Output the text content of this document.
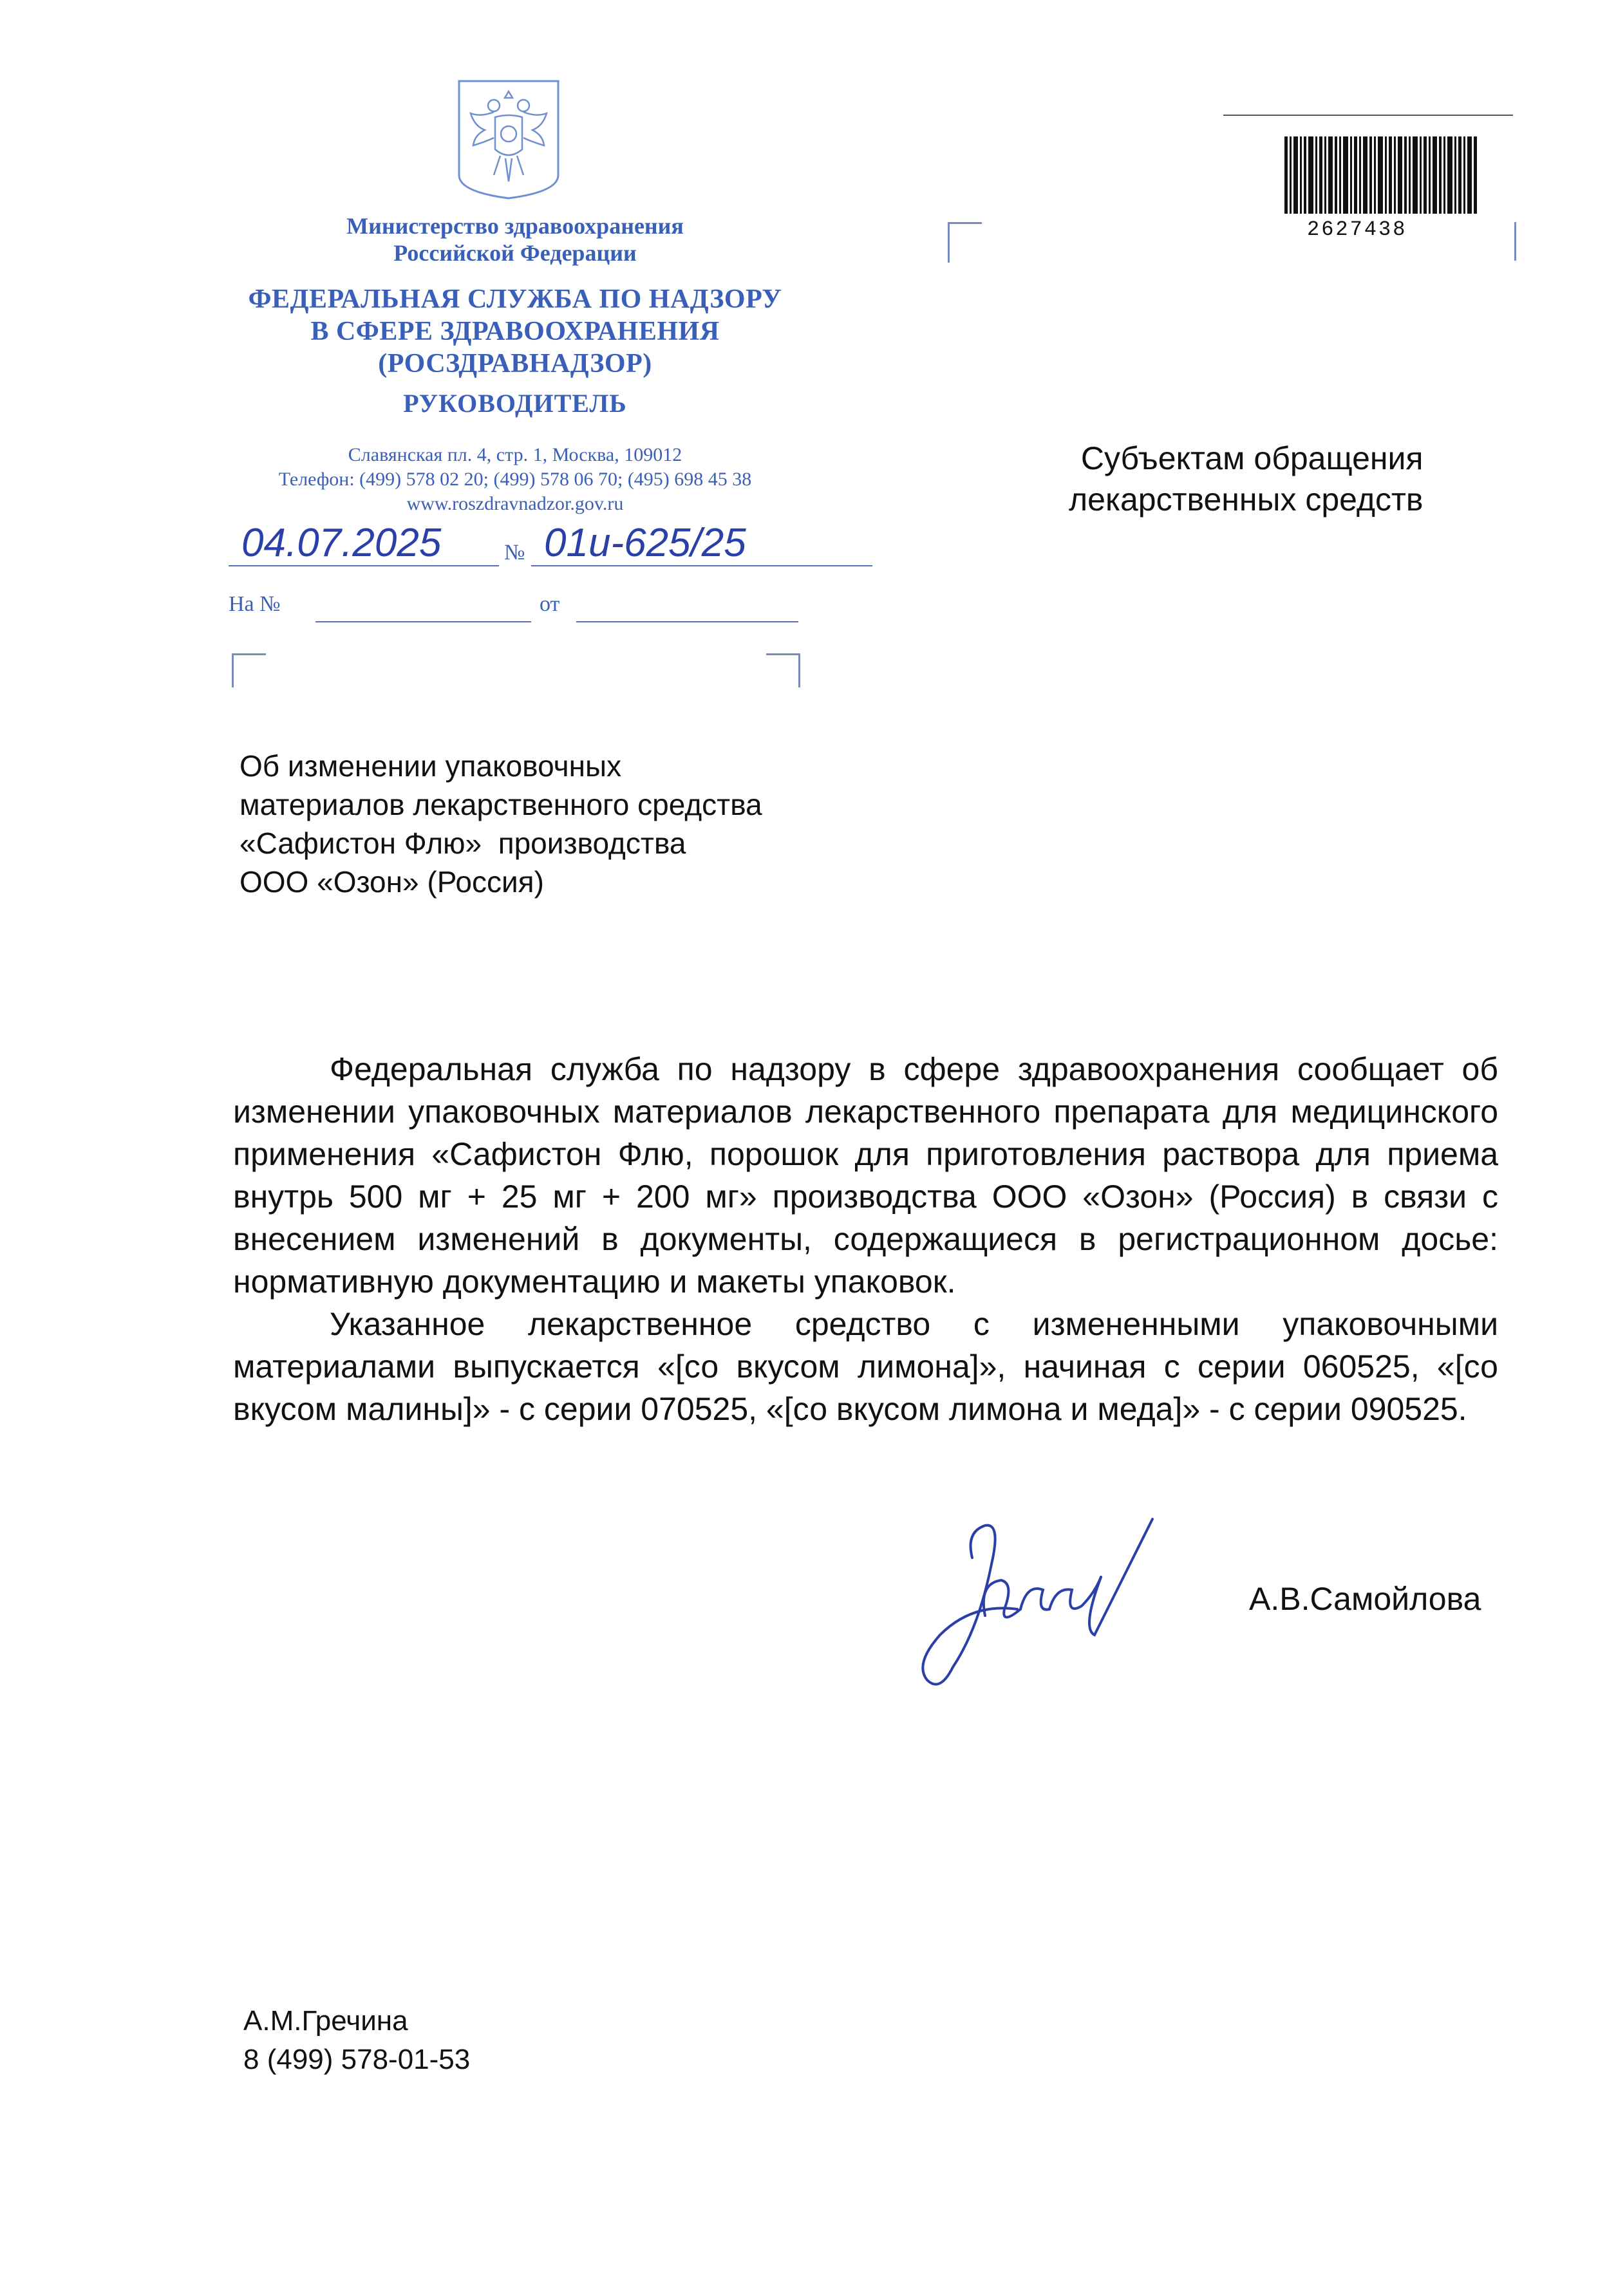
Министерство здравоохранения
Российской Федерации
ФЕДЕРАЛЬНАЯ СЛУЖБА ПО НАДЗОРУ
В СФЕРЕ ЗДРАВООХРАНЕНИЯ
(РОСЗДРАВНАДЗОР)
РУКОВОДИТЕЛЬ
Славянская пл. 4, стр. 1, Москва, 109012
Телефон: (499) 578 02 20; (499) 578 06 70; (495) 698 45 38
www.roszdravnadzor.gov.ru
04.07.2025	№ 01и-625/25
На №	от
2627438
Субъектам обращения
лекарственных средств
Об изменении упаковочных
материалов лекарственного средства
«Сафистон Флю»  производства
ООО «Озон» (Россия)

Федеральная служба по надзору в сфере здравоохранения сообщает об изменении упаковочных материалов лекарственного препарата для медицинского применения «Сафистон Флю, порошок для приготовления раствора для приема внутрь 500 мг + 25 мг + 200 мг» производства ООО «Озон» (Россия) в связи с внесением изменений в документы, содержащиеся в регистрационном досье: нормативную документацию и макеты упаковок.

Указанное лекарственное средство с измененными упаковочными материалами выпускается «[со вкусом лимона]», начиная с серии 060525, «[со вкусом малины]» - с серии 070525, «[со вкусом лимона и меда]» - с серии 090525.

А.В.Самойлова
А.М.Гречина
8 (499) 578-01-53
